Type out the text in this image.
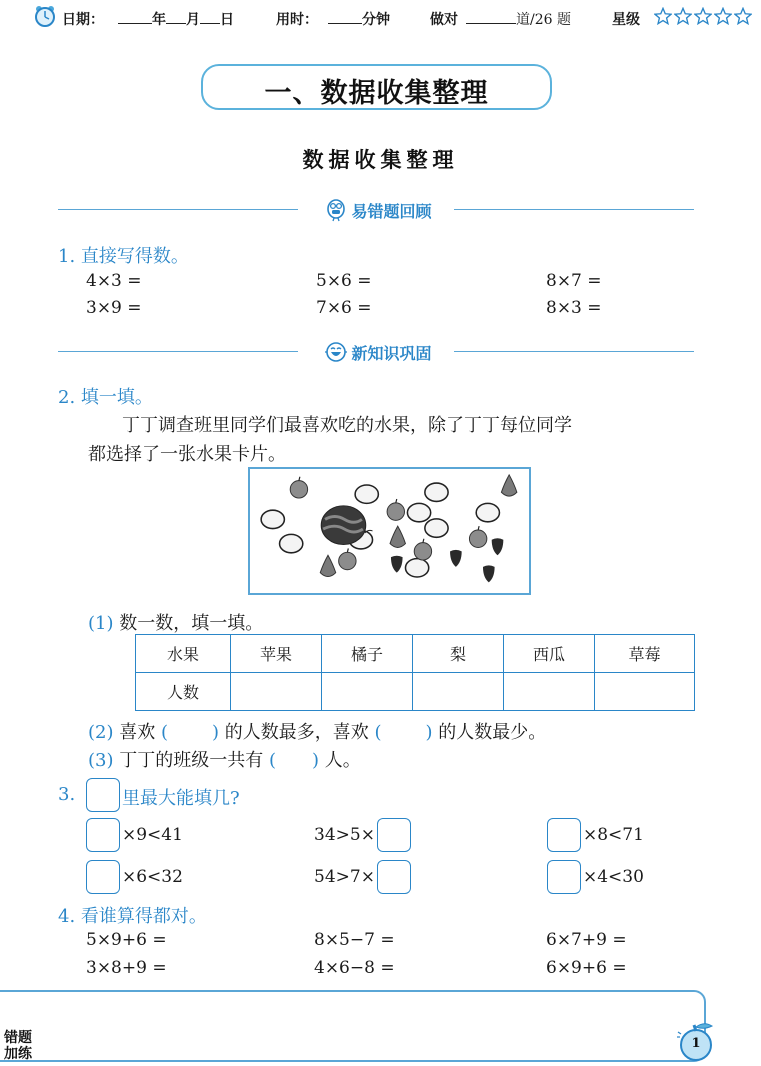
日期：	年 月 日	用时：	分钟	做对	道/26 题	星级
一、数据收集整理
数据收集整理
易错题回顾
1. 直接写得数。
4×3 =	5×6 =	8×7 =
3×9 =	7×6 =	8×3 =
新知识巩固
2. 填一填。
丁丁调查班里同学们最喜欢吃的水果，除了丁丁每位同学
都选择了一张水果卡片。
(1) 数一数，填一填。
水果	苹果	橘子	梨	西瓜	草莓
人数					
(2) 喜欢 ( ) 的人数最多，喜欢 ( ) 的人数最少。
(3) 丁丁的班级一共有 ( ) 人。
3.	里最大能填几?
×9<41	34>5×	×8<71
×6<32	54>7×	×4<30
4. 看谁算得都对。
5×9+6 =	8×5−7 =	6×7+9 =
3×8+9 =	4×6−8 =	6×9+6 =
错题
加练
1
